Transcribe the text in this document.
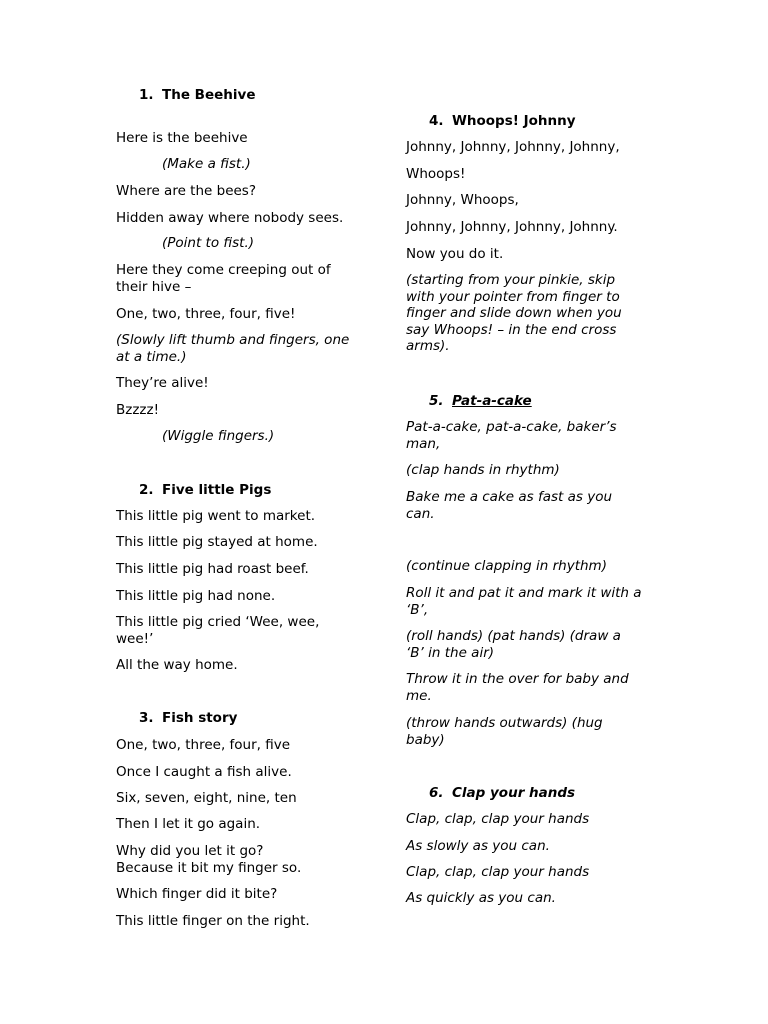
1. The Beehive
Here is the beehive
(Make a fist.)
Where are the bees?
Hidden away where nobody sees.
(Point to fist.)
Here they come creeping out of their hive –
One, two, three, four, five!
(Slowly lift thumb and fingers, one at a time.)
They’re alive!
Bzzzz!
(Wiggle fingers.)
2. Five little Pigs
This little pig went to market.
This little pig stayed at home.
This little pig had roast beef.
This little pig had none.
This little pig cried ‘Wee, wee, wee!’
All the way home.
3. Fish story
One, two, three, four, five
Once I caught a fish alive.
Six, seven, eight, nine, ten
Then I let it go again.
Why did you let it go?
Because it bit my finger so.
Which finger did it bite?
This little finger on the right.
4. Whoops! Johnny
Johnny, Johnny, Johnny, Johnny,
Whoops!
Johnny, Whoops,
Johnny, Johnny, Johnny, Johnny.
Now you do it.
(starting from your pinkie, skip with your pointer from finger to finger and slide down when you say Whoops! – in the end cross arms).
5. Pat-a-cake
Pat-a-cake, pat-a-cake, baker’s man,
(clap hands in rhythm)
Bake me a cake as fast as you can.
(continue clapping in rhythm)
Roll it and pat it and mark it with a ‘B’,
(roll hands) (pat hands) (draw a ‘B’ in the air)
Throw it in the over for baby and me.
(throw hands outwards) (hug baby)
6. Clap your hands
Clap, clap, clap your hands
As slowly as you can.
Clap, clap, clap your hands
As quickly as you can.
